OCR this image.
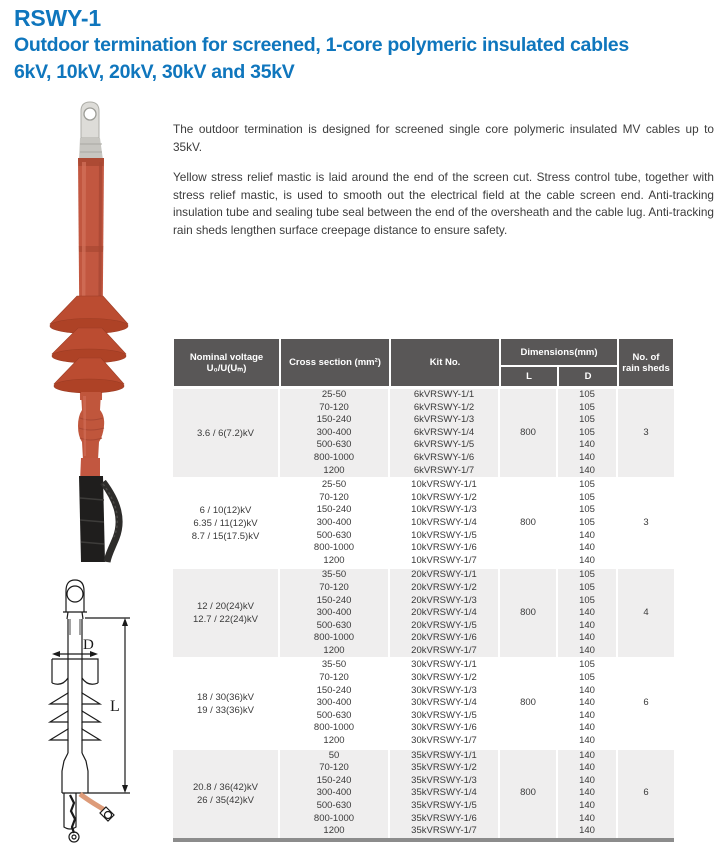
RSWY-1
Outdoor termination for screened, 1-core polymeric insulated cables
6kV, 10kV, 20kV, 30kV and 35kV

The outdoor termination is designed for screened single core polymeric insulated MV cables up to 35kV.

Yellow stress relief mastic is laid around the end of the screen cut. Stress control tube, together with stress relief mastic, is used to smooth out the electrical field at the cable screen end. Anti-tracking insulation tube and sealing tube seal between the end of the oversheath and the cable lug. Anti-tracking rain sheds lengthen surface creepage distance to ensure safety.

D
L
Nominal voltage
U₀/U(Uₘ)	Cross section (mm²)	Kit No.	Dimensions(mm)	No. of
rain sheds

			L	D	

3.6 / 6(7.2)kV	25-50	6kVRSWY-1/1	800	105	3
	70-120	6kVRSWY-1/2		105	
	150-240	6kVRSWY-1/3		105	
	300-400	6kVRSWY-1/4		105	
	500-630	6kVRSWY-1/5		140	
	800-1000	6kVRSWY-1/6		140	
	1200	6kVRSWY-1/7		140	

6 / 10(12)kV
6.35 / 11(12)kV
8.7 / 15(17.5)kV	25-50	10kVRSWY-1/1	800	105	3
	70-120	10kVRSWY-1/2		105	
	150-240	10kVRSWY-1/3		105	
	300-400	10kVRSWY-1/4		105	
	500-630	10kVRSWY-1/5		140	
	800-1000	10kVRSWY-1/6		140	
	1200	10kVRSWY-1/7		140	

12 / 20(24)kV
12.7 / 22(24)kV	35-50	20kVRSWY-1/1	800	105	4
	70-120	20kVRSWY-1/2		105	
	150-240	20kVRSWY-1/3		105	
	300-400	20kVRSWY-1/4		140	
	500-630	20kVRSWY-1/5		140	
	800-1000	20kVRSWY-1/6		140	
	1200	20kVRSWY-1/7		140	

18 / 30(36)kV
19 / 33(36)kV	35-50	30kVRSWY-1/1	800	105	6
	70-120	30kVRSWY-1/2		105	
	150-240	30kVRSWY-1/3		140	
	300-400	30kVRSWY-1/4		140	
	500-630	30kVRSWY-1/5		140	
	800-1000	30kVRSWY-1/6		140	
	1200	30kVRSWY-1/7		140	

20.8 / 36(42)kV
26 / 35(42)kV	50	35kVRSWY-1/1	800	140	6
	70-120	35kVRSWY-1/2		140	
	150-240	35kVRSWY-1/3		140	
	300-400	35kVRSWY-1/4		140	
	500-630	35kVRSWY-1/5		140	
	800-1000	35kVRSWY-1/6		140	
	1200	35kVRSWY-1/7		140	
